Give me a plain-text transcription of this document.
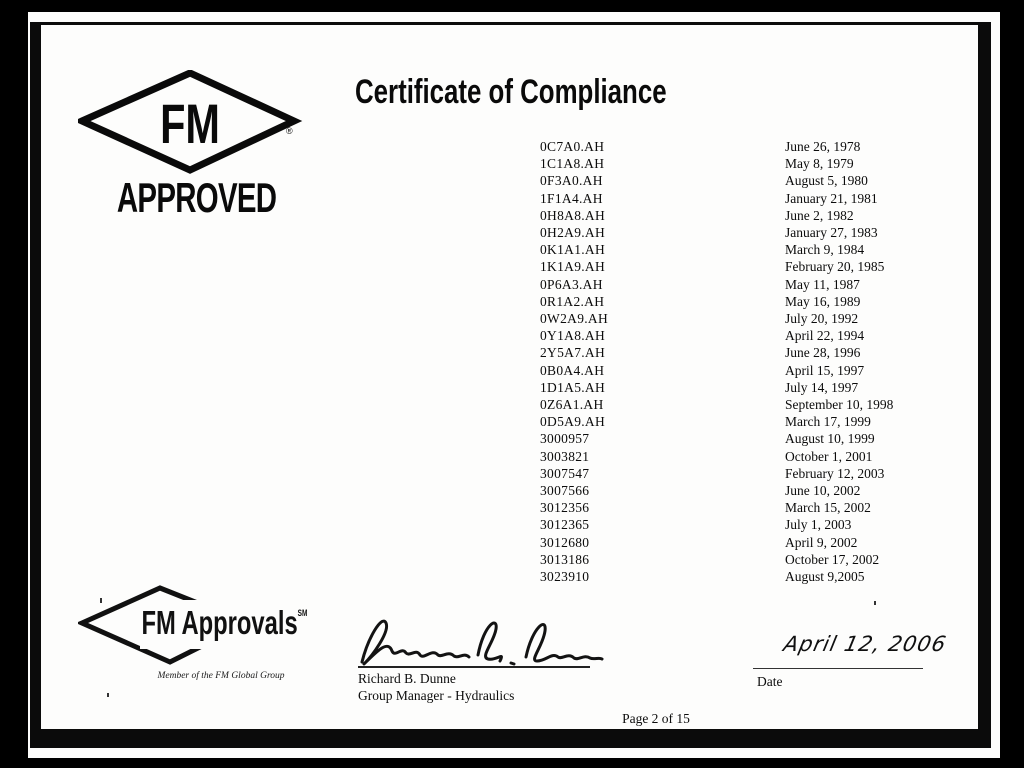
FM	®
APPROVED
Certificate of Compliance
0C7A0.AH	June 26, 1978
1C1A8.AH	May 8, 1979
0F3A0.AH	August 5, 1980
1F1A4.AH	January 21, 1981
0H8A8.AH	June 2, 1982
0H2A9.AH	January 27, 1983
0K1A1.AH	March 9, 1984
1K1A9.AH	February 20, 1985
0P6A3.AH	May 11, 1987
0R1A2.AH	May 16, 1989
0W2A9.AH	July 20, 1992
0Y1A8.AH	April 22, 1994
2Y5A7.AH	June 28, 1996
0B0A4.AH	April 15, 1997
1D1A5.AH	July 14, 1997
0Z6A1.AH	September 10, 1998
0D5A9.AH	March 17, 1999
3000957	August 10, 1999
3003821	October 1, 2001
3007547	February 12, 2003
3007566	June 10, 2002
3012356	March 15, 2002
3012365	July 1, 2003
3012680	April 9, 2002
3013186	October 17, 2002
3023910	August 9,2005
FM Approvals℠
Member of the FM Global Group	Richard B. Dunne
Group Manager - Hydraulics
April 12, 2006
Date
Page 2 of 15
